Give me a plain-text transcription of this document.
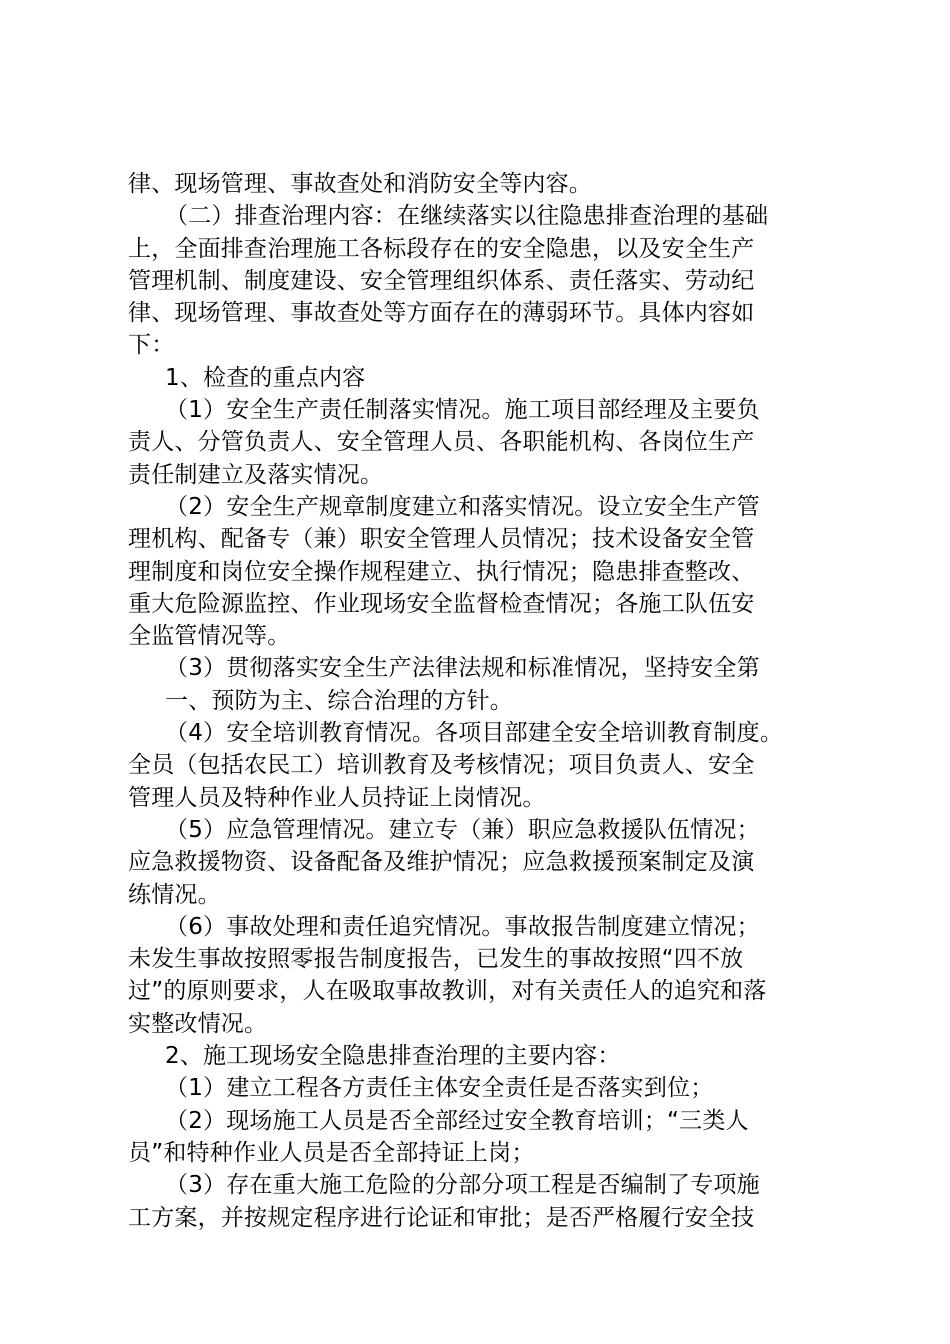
律、现场管理、事故查处和消防安全等内容。
（二）排查治理内容：在继续落实以往隐患排查治理的基础
上，全面排查治理施工各标段存在的安全隐患，以及安全生产
管理机制、制度建设、安全管理组织体系、责任落实、劳动纪
律、现场管理、事故查处等方面存在的薄弱环节。具体内容如
下：
1、检查的重点内容
（1）安全生产责任制落实情况。施工项目部经理及主要负
责人、分管负责人、安全管理人员、各职能机构、各岗位生产
责任制建立及落实情况。
（2）安全生产规章制度建立和落实情况。设立安全生产管
理机构、配备专（兼）职安全管理人员情况；技术设备安全管
理制度和岗位安全操作规程建立、执行情况；隐患排查整改、
重大危险源监控、作业现场安全监督检查情况；各施工队伍安
全监管情况等。
（3）贯彻落实安全生产法律法规和标准情况，坚持安全第
一、预防为主、综合治理的方针。
（4）安全培训教育情况。各项目部建全安全培训教育制度。
全员（包括农民工）培训教育及考核情况；项目负责人、安全
管理人员及特种作业人员持证上岗情况。
（5）应急管理情况。建立专（兼）职应急救援队伍情况；
应急救援物资、设备配备及维护情况；应急救援预案制定及演
练情况。
（6）事故处理和责任追究情况。事故报告制度建立情况；
未发生事故按照零报告制度报告，已发生的事故按照“四不放
过”的原则要求，人在吸取事故教训，对有关责任人的追究和落
实整改情况。
2、施工现场安全隐患排查治理的主要内容：
（1）建立工程各方责任主体安全责任是否落实到位；
（2）现场施工人员是否全部经过安全教育培训；“三类人
员”和特种作业人员是否全部持证上岗；
（3）存在重大施工危险的分部分项工程是否编制了专项施
工方案，并按规定程序进行论证和审批；是否严格履行安全技
